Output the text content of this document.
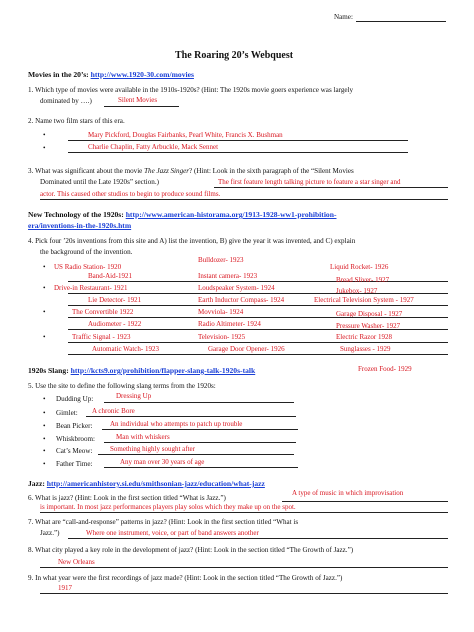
Name:
The Roaring 20’s Webquest
Movies in the 20’s: http://www.1920-30.com/movies
1. Which type of movies were available in the 1910s-1920s? (Hint: The 1920s movie goers experience was largely
dominated by ….)	Silent Movies
2. Name two film stars of this era.
•	Mary Pickford, Douglas Fairbanks, Pearl White, Francis X. Bushman
•	Charlie Chaplin, Fatty Arbuckle, Mack Sennet
3. What was significant about the movie The Jazz Singer? (Hint: Look in the sixth paragraph of the “Silent Movies
Dominated until the Late 1920s” section.)	The first feature length talking picture to feature a star singer and
actor. This caused other studios to begin to produce sound films.
New Technology of the 1920s: http://www.american-historama.org/1913-1928-ww1-prohibition-
era/inventions-in-the-1920s.htm
4. Pick four ’20s inventions from this site and A) list the invention, B) give the year it was invented, and C) explain
the background of the invention.
Bulldozer- 1923
• US Radio Station- 1920	Liquid Rocket- 1926
Band-Aid-1921	Instant camera- 1923	Bread Sliver- 1927
• Drive-in Restaurant- 1921	Loudspeaker System- 1924	Jukebox- 1927
Lie Detector- 1921	Earth Inductor Compass- 1924	Electrical Television System - 1927
•	The Convertible 1922	Movviola- 1924	Garage Disposal - 1927
Audiometer - 1922	Radio Altimeter- 1924	Pressure Washer- 1927
•	Traffic Signal - 1923	Television- 1925	Electric Razor 1928
Automatic Watch- 1923	Garage Door Opener- 1926	Sunglasses - 1929
1920s Slang: http://kcts9.org/prohibition/flapper-slang-talk-1920s-talk	Frozen Food- 1929
5. Use the site to define the following slang terms from the 1920s:
• Dudding Up:	Dressing Up
• Gimlet: A chronic Bore
• Bean Picker:	An individual who attempts to patch up trouble
• Whiskbroom:	Man with whiskers
• Cat’s Meow:	Something highly sought after
• Father Time:	Any man over 30 years of age
Jazz: http://americanhistory.si.edu/smithsonian-jazz/education/what-jazz
6. What is jazz? (Hint: Look in the first section titled “What is Jazz.”)
A type of music in which improvisation
is important. In most jazz performances players play solos which they make up on the spot.
7. What are “call-and-response” patterns in jazz? (Hint: Look in the first section titled “What is
Jazz.”)	Where one instrument, voice, or part of band answers another
8. What city played a key role in the development of jazz? (Hint: Look in the section titled “The Growth of Jazz.”)
New Orleans
9. In what year were the first recordings of jazz made? (Hint: Look in the section titled “The Growth of Jazz.”)
1917
